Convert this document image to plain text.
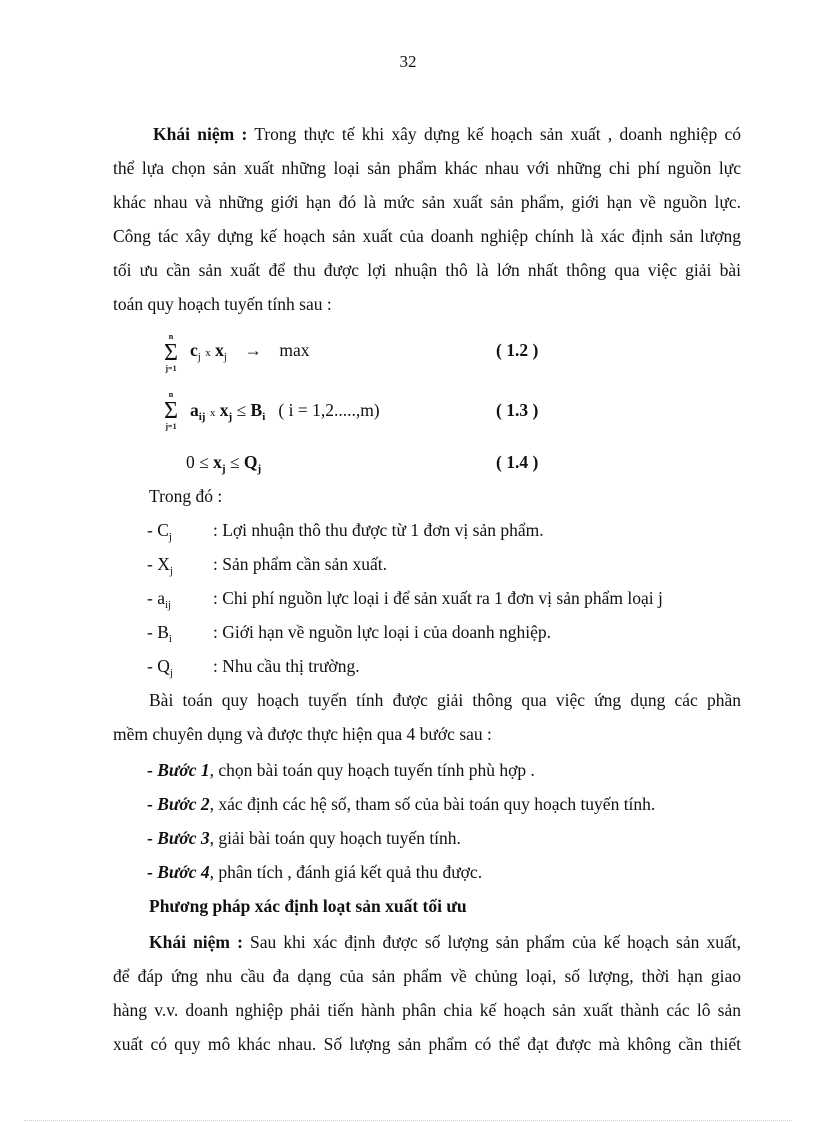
32
Khái niệm : Trong thực tế khi xây dựng kế hoạch sản xuất , doanh nghiệp có
thể lựa chọn sản xuất những loại sản phẩm khác nhau với những chi phí nguồn lực
khác nhau và những giới hạn đó là mức sản xuất sản phẩm, giới hạn về nguồn lực.
Công tác xây dựng kế hoạch sản xuất của doanh nghiệp chính là xác định sản lượng
tối ưu cần sản xuất để thu được lợi nhuận thô là lớn nhất thông qua việc giải bài
toán quy hoạch tuyến tính sau :
n
Σ
j=1
$c_j$ x $x_j \to \max$	( 1.2 )
n
Σ
j=1
$a_{ij}$ x $x_j \le B_i$ ( i = 1,2.....,m)	( 1.3 )
$0 \le x_j \le Q_j$	( 1.4 )
Trong đó :
- $C_j$ : Lợi nhuận thô thu được từ 1 đơn vị sản phẩm.
- $X_j$ : Sản phẩm cần sản xuất.
- $a_{ij}$ : Chi phí nguồn lực loại i để sản xuất ra 1 đơn vị sản phẩm loại j
- $B_i$ : Giới hạn về nguồn lực loại i của doanh nghiệp.
- $Q_j$ : Nhu cầu thị trường.
Bài toán quy hoạch tuyến tính được giải thông qua việc ứng dụng các phần
mềm chuyên dụng và được thực hiện qua 4 bước sau :
- Bước 1, chọn bài toán quy hoạch tuyến tính phù hợp .
- Bước 2, xác định các hệ số, tham số của bài toán quy hoạch tuyến tính.
- Bước 3, giải bài toán quy hoạch tuyến tính.
- Bước 4, phân tích , đánh giá kết quả thu được.
Phương pháp xác định loạt sản xuất tối ưu
Khái niệm : Sau khi xác định được số lượng sản phẩm của kế hoạch sản xuất,
để đáp ứng nhu cầu đa dạng của sản phẩm về chủng loại, số lượng, thời hạn giao
hàng v.v. doanh nghiệp phải tiến hành phân chia kế hoạch sản xuất thành các lô sản
xuất có quy mô khác nhau. Số lượng sản phẩm có thể đạt được mà không cần thiết
